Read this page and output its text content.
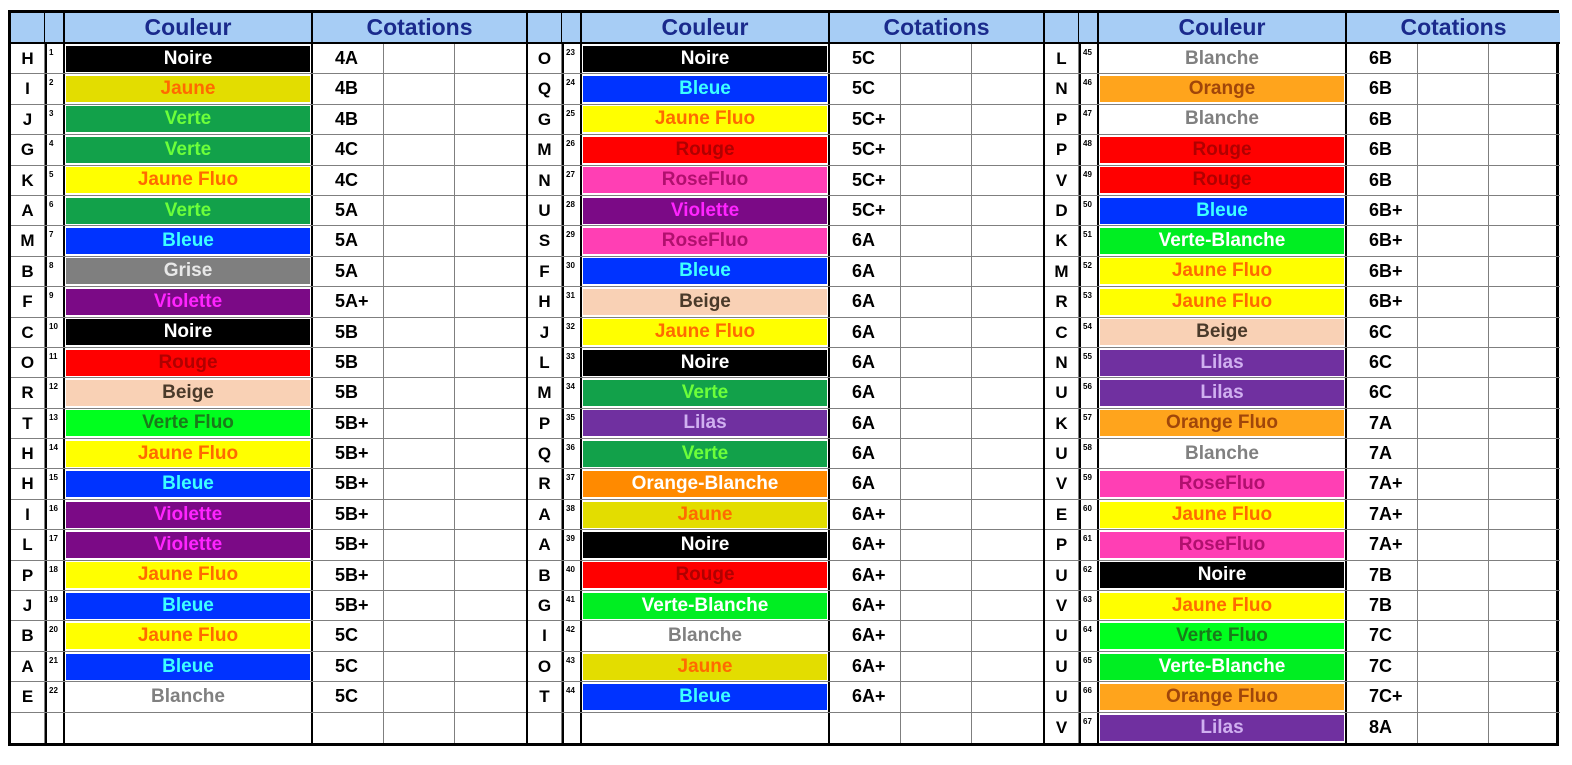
Couleur	Cotations
H	1	Noire	4A
I	2	Jaune	4B
J	3	Verte	4B
G	4	Verte	4C
K	5	Jaune Fluo	4C
A	6	Verte	5A
M	7	Bleue	5A
B	8	Grise	5A
F	9	Violette	5A+
C	10	Noire	5B
O	11	Rouge	5B
R	12	Beige	5B
T	13	Verte Fluo	5B+
H	14	Jaune Fluo	5B+
H	15	Bleue	5B+
I	16	Violette	5B+
L	17	Violette	5B+
P	18	Jaune Fluo	5B+
J	19	Bleue	5B+
B	20	Jaune Fluo	5C
A	21	Bleue	5C
E	22	Blanche	5C
Couleur	Cotations
O	23	Noire	5C
Q	24	Bleue	5C
G	25	Jaune Fluo	5C+
M	26	Rouge	5C+
N	27	RoseFluo	5C+
U	28	Violette	5C+
S	29	RoseFluo	6A
F	30	Bleue	6A
H	31	Beige	6A
J	32	Jaune Fluo	6A
L	33	Noire	6A
M	34	Verte	6A
P	35	Lilas	6A
Q	36	Verte	6A
R	37	Orange-Blanche	6A
A	38	Jaune	6A+
A	39	Noire	6A+
B	40	Rouge	6A+
G	41	Verte-Blanche	6A+
I	42	Blanche	6A+
O	43	Jaune	6A+
T	44	Bleue	6A+
Couleur	Cotations
L	45	Blanche	6B
N	46	Orange	6B
P	47	Blanche	6B
P	48	Rouge	6B
V	49	Rouge	6B
D	50	Bleue	6B+
K	51	Verte-Blanche	6B+
M	52	Jaune Fluo	6B+
R	53	Jaune Fluo	6B+
C	54	Beige	6C
N	55	Lilas	6C
U	56	Lilas	6C
K	57	Orange Fluo	7A
U	58	Blanche	7A
V	59	RoseFluo	7A+
E	60	Jaune Fluo	7A+
P	61	RoseFluo	7A+
U	62	Noire	7B
V	63	Jaune Fluo	7B
U	64	Verte Fluo	7C
U	65	Verte-Blanche	7C
U	66	Orange Fluo	7C+
V	67	Lilas	8A
